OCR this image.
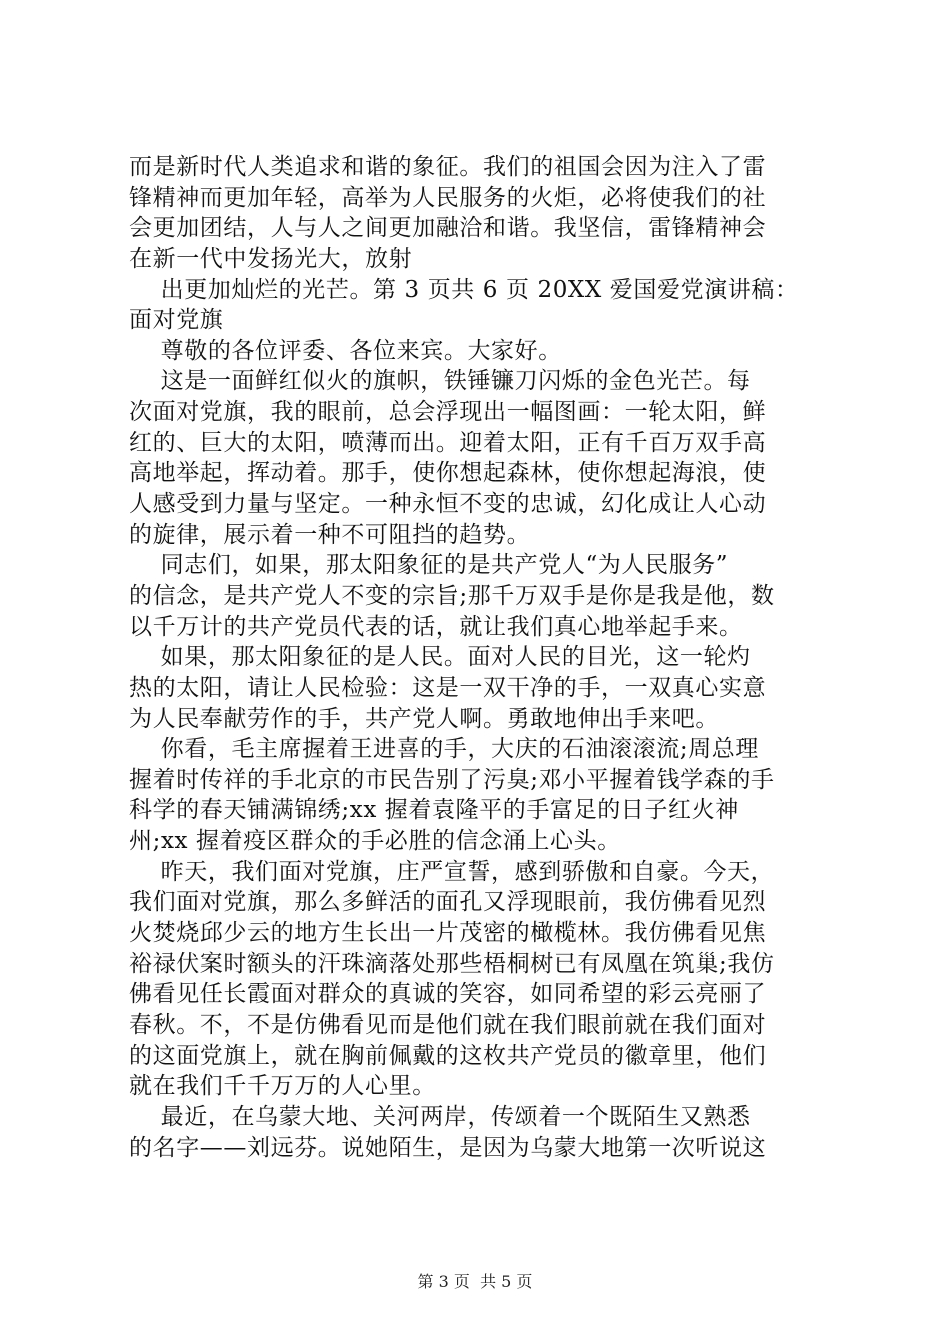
而是新时代人类追求和谐的象征。我们的祖国会因为注入了雷
锋精神而更加年轻，高举为人民服务的火炬，必将使我们的社
会更加团结，人与人之间更加融洽和谐。我坚信，雷锋精神会
在新一代中发扬光大，放射
出更加灿烂的光芒。第 3 页共 6 页 20XX 爱国爱党演讲稿：
面对党旗
尊敬的各位评委、各位来宾。大家好。
这是一面鲜红似火的旗帜，铁锤镰刀闪烁的金色光芒。每
次面对党旗，我的眼前，总会浮现出一幅图画：一轮太阳，鲜
红的、巨大的太阳，喷薄而出。迎着太阳，正有千百万双手高
高地举起，挥动着。那手，使你想起森林，使你想起海浪，使
人感受到力量与坚定。一种永恒不变的忠诚，幻化成让人心动
的旋律，展示着一种不可阻挡的趋势。
同志们，如果，那太阳象征的是共产党人“为人民服务”
的信念，是共产党人不变的宗旨;那千万双手是你是我是他，数
以千万计的共产党员代表的话，就让我们真心地举起手来。
如果，那太阳象征的是人民。面对人民的目光，这一轮灼
热的太阳，请让人民检验：这是一双干净的手，一双真心实意
为人民奉献劳作的手，共产党人啊。勇敢地伸出手来吧。
你看，毛主席握着王进喜的手，大庆的石油滚滚流;周总理
握着时传祥的手北京的市民告别了污臭;邓小平握着钱学森的手
科学的春天铺满锦绣;xx 握着袁隆平的手富足的日子红火神
州;xx 握着疫区群众的手必胜的信念涌上心头。
昨天，我们面对党旗，庄严宣誓，感到骄傲和自豪。今天，
我们面对党旗，那么多鲜活的面孔又浮现眼前，我仿佛看见烈
火焚烧邱少云的地方生长出一片茂密的橄榄林。我仿佛看见焦
裕禄伏案时额头的汗珠滴落处那些梧桐树已有凤凰在筑巢;我仿
佛看见任长霞面对群众的真诚的笑容，如同希望的彩云亮丽了
春秋。不，不是仿佛看见而是他们就在我们眼前就在我们面对
的这面党旗上，就在胸前佩戴的这枚共产党员的徽章里，他们
就在我们千千万万的人心里。
最近，在乌蒙大地、关河两岸，传颂着一个既陌生又熟悉
的名字——刘远芬。说她陌生，是因为乌蒙大地第一次听说这
第 3 页  共 5 页
